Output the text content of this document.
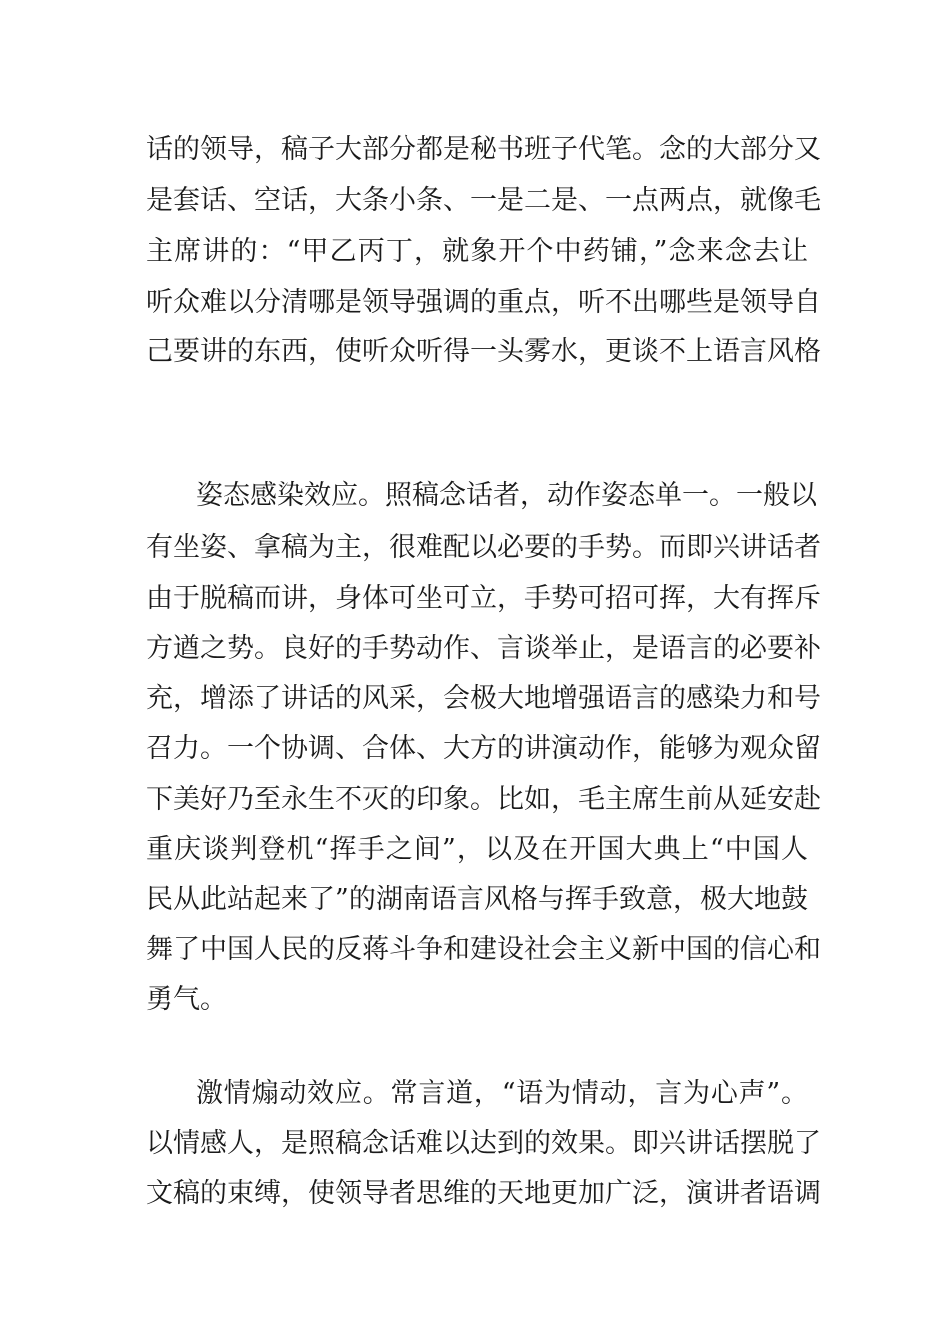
话的领导，稿子大部分都是秘书班子代笔。念的大部分又
是套话、空话，大条小条、一是二是、一点两点，就像毛
主席讲的：“甲乙丙丁，就象开个中药铺，”念来念去让
听众难以分清哪是领导强调的重点，听不出哪些是领导自
己要讲的东西，使听众听得一头雾水，更谈不上语言风格
姿态感染效应。照稿念话者，动作姿态单一。一般以
有坐姿、拿稿为主，很难配以必要的手势。而即兴讲话者
由于脱稿而讲，身体可坐可立，手势可招可挥，大有挥斥
方遒之势。良好的手势动作、言谈举止，是语言的必要补
充，增添了讲话的风采，会极大地增强语言的感染力和号
召力。一个协调、合体、大方的讲演动作，能够为观众留
下美好乃至永生不灭的印象。比如，毛主席生前从延安赴
重庆谈判登机“挥手之间”，以及在开国大典上“中国人
民从此站起来了”的湖南语言风格与挥手致意，极大地鼓
舞了中国人民的反蒋斗争和建设社会主义新中国的信心和
勇气。
激情煽动效应。常言道，“语为情动，言为心声”。
以情感人，是照稿念话难以达到的效果。即兴讲话摆脱了
文稿的束缚，使领导者思维的天地更加广泛，演讲者语调
